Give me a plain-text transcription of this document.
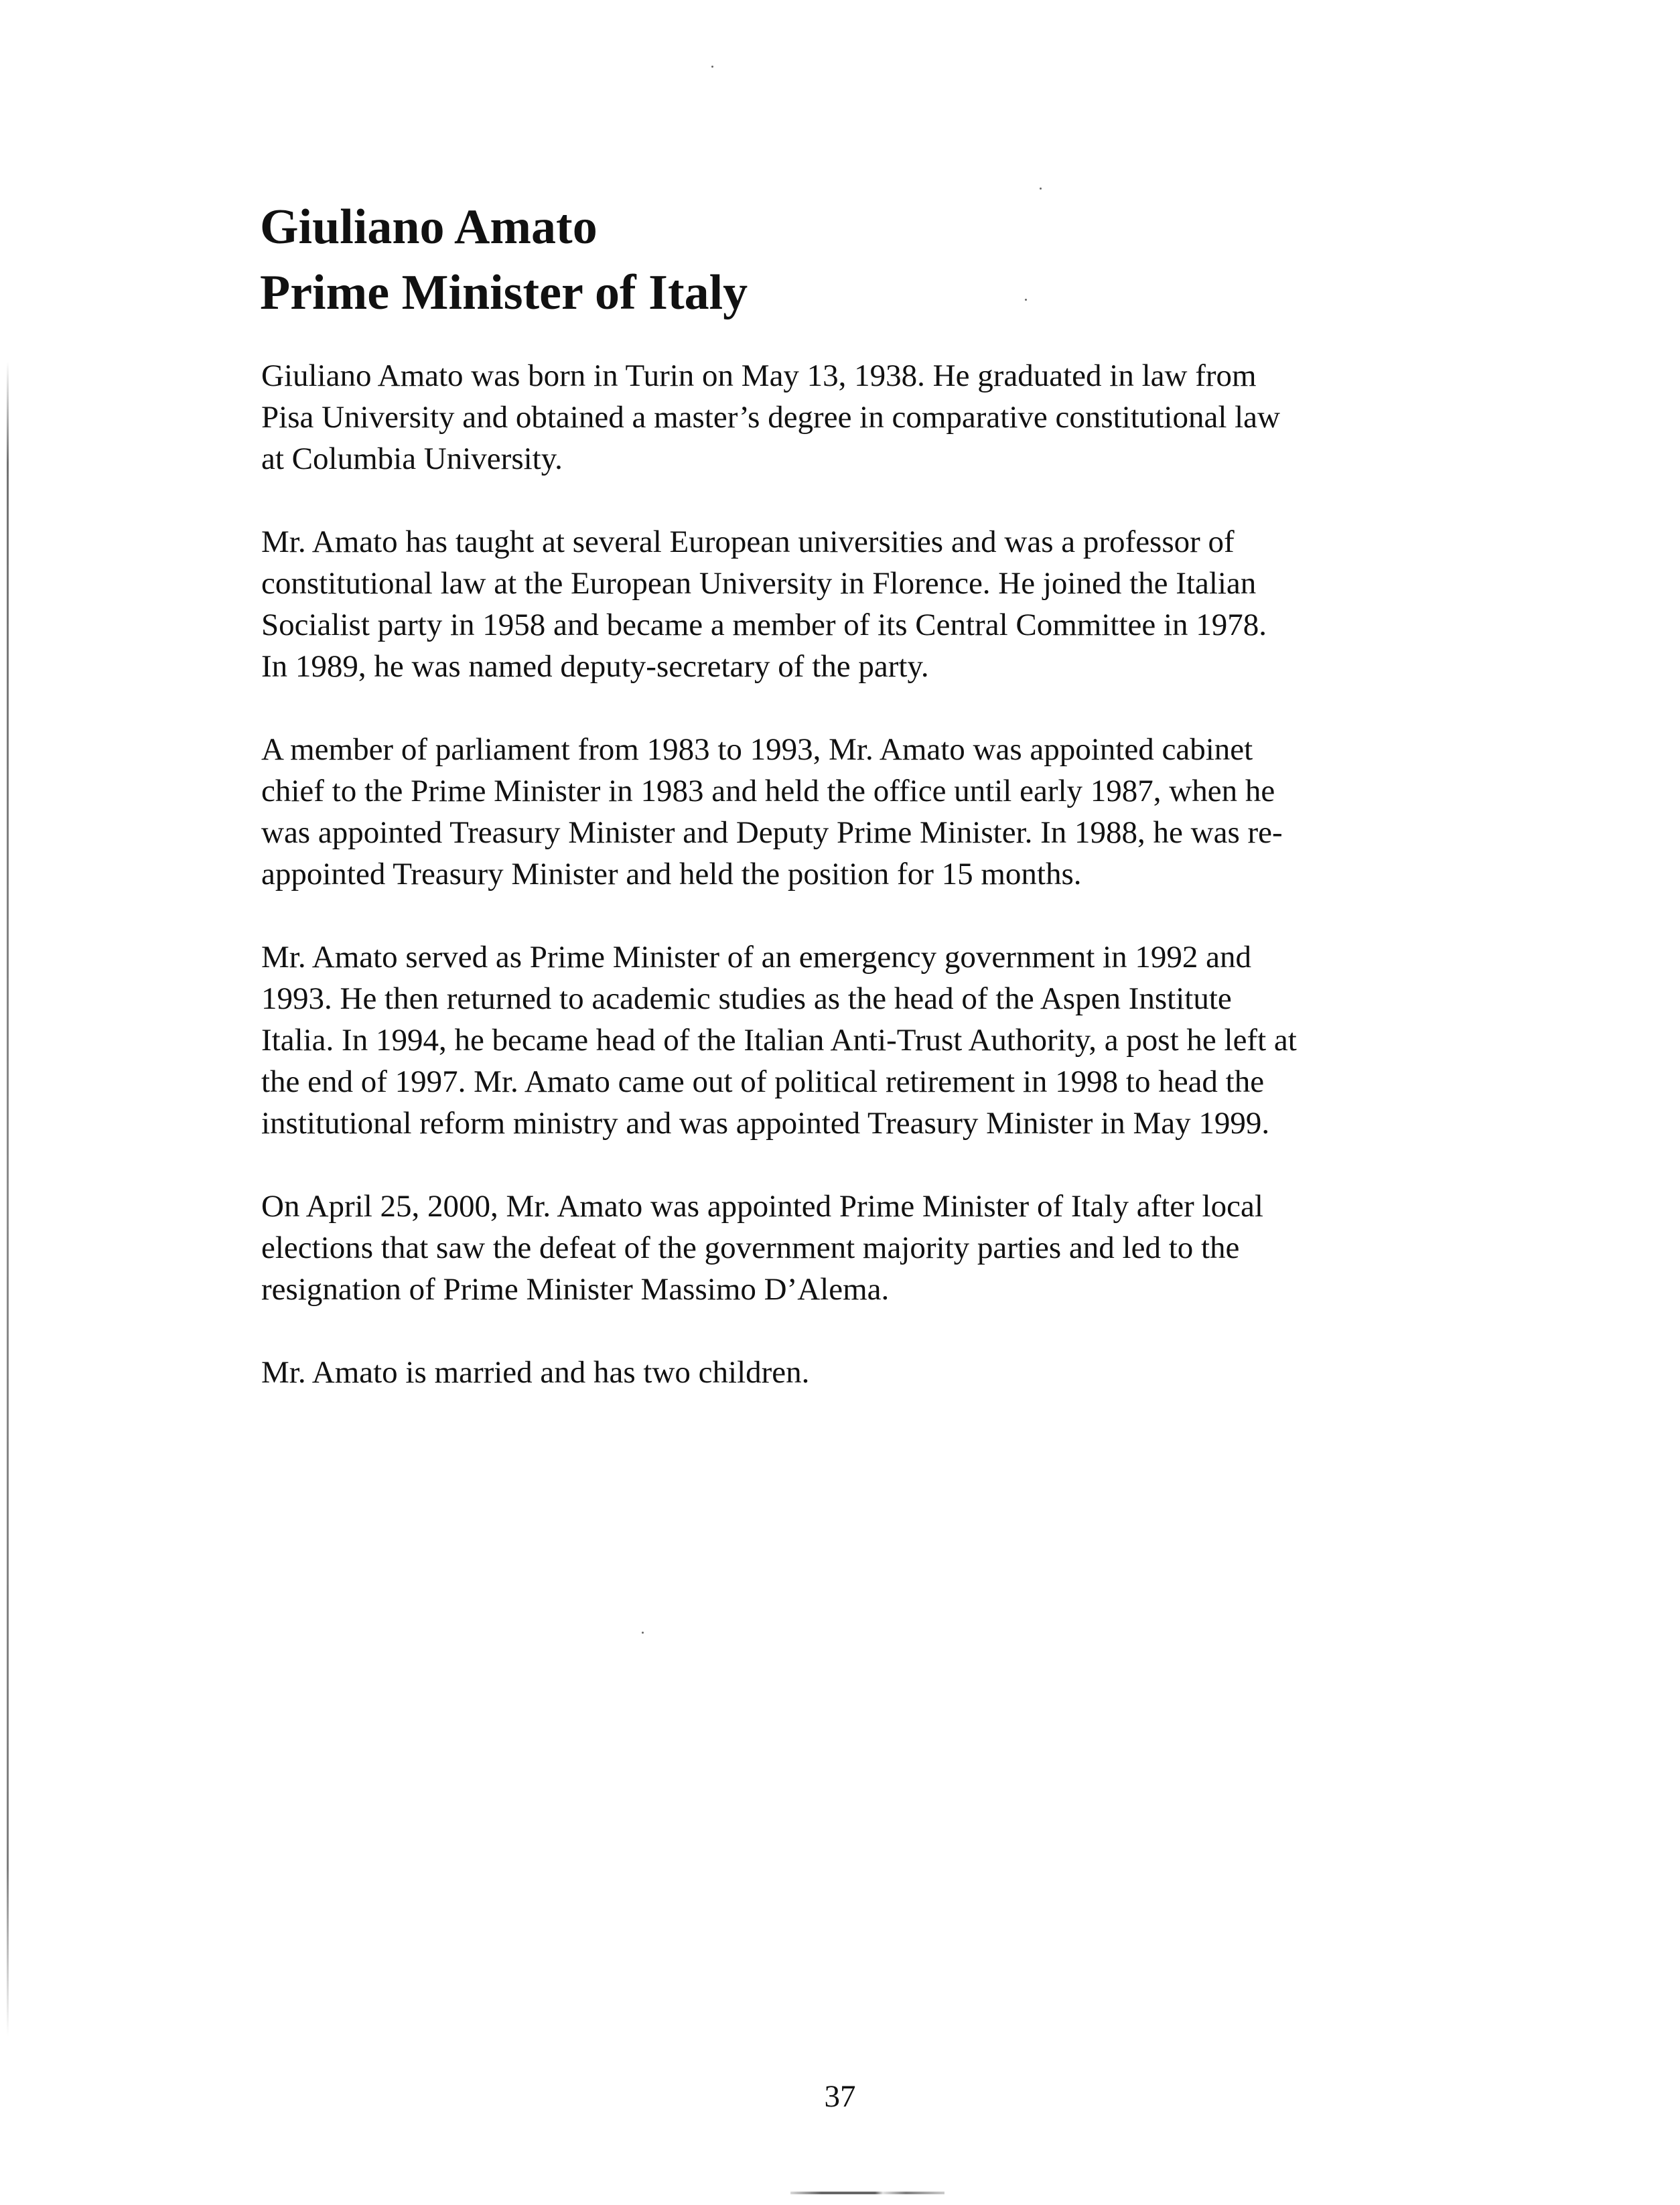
Giuliano Amato
Prime Minister of Italy

Giuliano Amato was born in Turin on May 13, 1938. He graduated in law from
Pisa University and obtained a master’s degree in comparative constitutional law
at Columbia University.

Mr. Amato has taught at several European universities and was a professor of
constitutional law at the European University in Florence. He joined the Italian
Socialist party in 1958 and became a member of its Central Committee in 1978.
In 1989, he was named deputy-secretary of the party.

A member of parliament from 1983 to 1993, Mr. Amato was appointed cabinet
chief to the Prime Minister in 1983 and held the office until early 1987, when he
was appointed Treasury Minister and Deputy Prime Minister. In 1988, he was re-
appointed Treasury Minister and held the position for 15 months.

Mr. Amato served as Prime Minister of an emergency government in 1992 and
1993. He then returned to academic studies as the head of the Aspen Institute
Italia. In 1994, he became head of the Italian Anti-Trust Authority, a post he left at
the end of 1997. Mr. Amato came out of political retirement in 1998 to head the
institutional reform ministry and was appointed Treasury Minister in May 1999.

On April 25, 2000, Mr. Amato was appointed Prime Minister of Italy after local
elections that saw the defeat of the government majority parties and led to the
resignation of Prime Minister Massimo D’Alema.

Mr. Amato is married and has two children.

37
